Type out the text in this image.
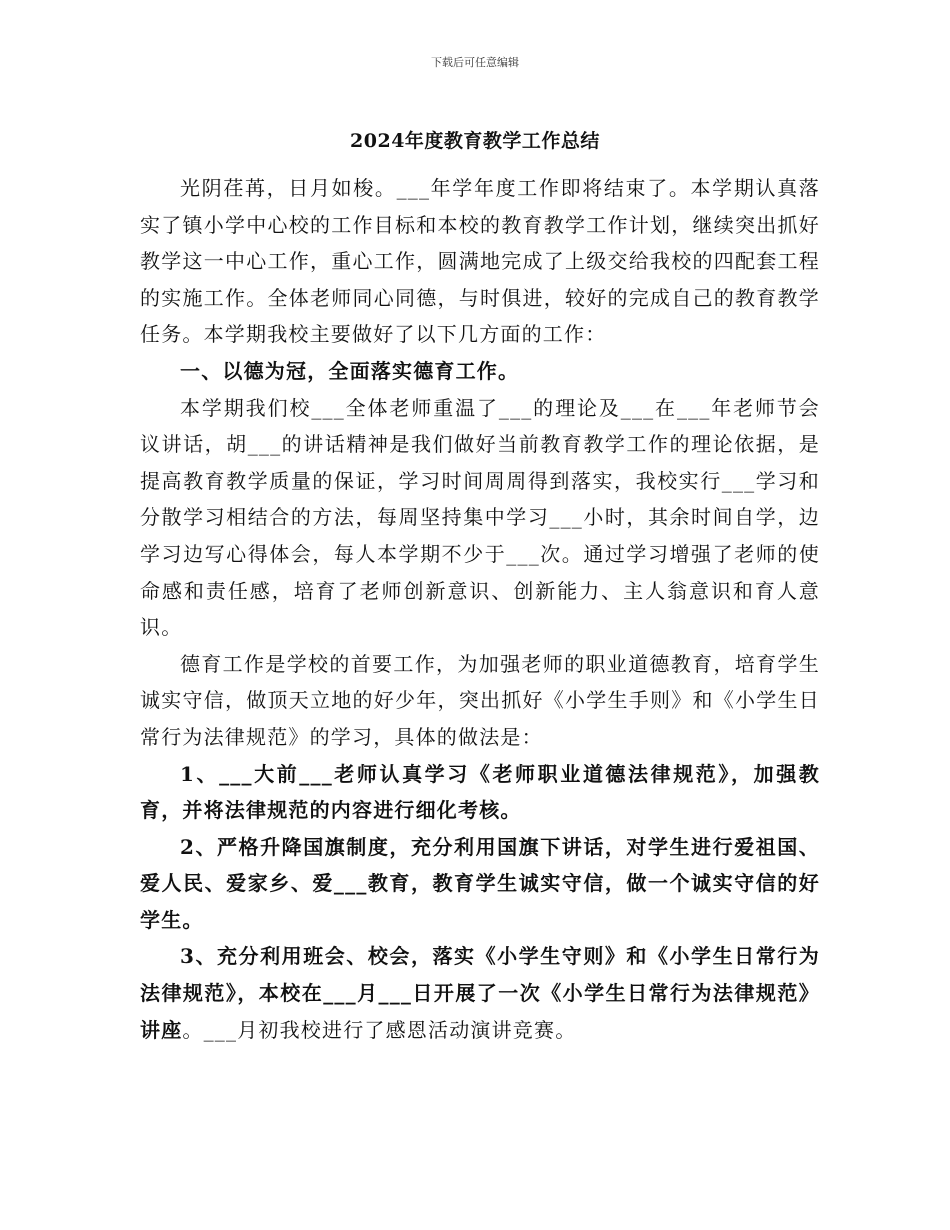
下载后可任意编辑
2024年度教育教学工作总结

光阴荏苒，日月如梭。___年学年度工作即将结束了。本学期认真落实了镇小学中心校的工作目标和本校的教育教学工作计划，继续突出抓好教学这一中心工作，重心工作，圆满地完成了上级交给我校的四配套工程的实施工作。全体老师同心同德，与时俱进，较好的完成自己的教育教学任务。本学期我校主要做好了以下几方面的工作：

一、以德为冠，全面落实德育工作。

本学期我们校___全体老师重温了___的理论及___在___年老师节会议讲话，胡___的讲话精神是我们做好当前教育教学工作的理论依据，是提高教育教学质量的保证，学习时间周周得到落实，我校实行___学习和分散学习相结合的方法，每周坚持集中学习___小时，其余时间自学，边学习边写心得体会，每人本学期不少于___次。通过学习增强了老师的使命感和责任感，培育了老师创新意识、创新能力、主人翁意识和育人意识。

德育工作是学校的首要工作，为加强老师的职业道德教育，培育学生诚实守信，做顶天立地的好少年，突出抓好《小学生手则》和《小学生日常行为法律规范》的学习，具体的做法是：

1、___大前___老师认真学习《老师职业道德法律规范》，加强教育，并将法律规范的内容进行细化考核。

2、严格升降国旗制度，充分利用国旗下讲话，对学生进行爱祖国、爱人民、爱家乡、爱___教育，教育学生诚实守信，做一个诚实守信的好学生。

3、充分利用班会、校会，落实《小学生守则》和《小学生日常行为法律规范》，本校在___月___日开展了一次《小学生日常行为法律规范》讲座。___月初我校进行了感恩活动演讲竞赛。
